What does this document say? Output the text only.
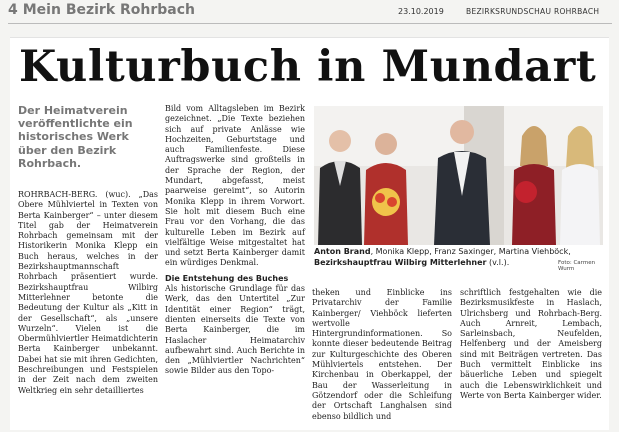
4 Mein Bezirk Rohrbach	23.10.2019	BEZIRKSRUNDSCHAU ROHRBACH
Kulturbuch in Mundart
Der Heimatverein veröffentlichte ein historisches Werk über den Bezirk Rohrbach.

ROHRBACH-BERG. (wuc). „Das Obere Mühlviertel in Texten von Berta Kainberger“ – unter diesem Titel gab der Heimatverein Rohrbach gemeinsam mit der Historikerin Monika Klepp ein Buch heraus, welches in der Bezirkshauptmannschaft Rohrbach präsentiert wurde. Bezirkshauptfrau Wilbirg Mitterlehner betonte die Bedeutung der Kultur als „Kitt in der Gesellschaft“, als „unsere Wurzeln“. Vielen ist die Obermühlviertler Heimatdichterin Berta Kainberger unbekannt. Dabei hat sie mit ihren Gedichten, Beschreibungen und Festspielen in der Zeit nach dem zweiten Weltkrieg ein sehr detailliertes

Bild vom Alltagsleben im Bezirk gezeichnet. „Die Texte beziehen sich auf private Anlässe wie Hochzeiten, Geburtstage und auch Familienfeste. Diese Auftragswerke sind großteils in der Sprache der Region, der Mundart, abgefasst, meist paarweise gereimt“, so Autorin Monika Klepp in ihrem Vorwort. Sie holt mit diesem Buch eine Frau vor den Vorhang, die das kulturelle Leben im Bezirk auf vielfältige Weise mitgestaltet hat und setzt Berta Kainberger damit ein würdiges Denkmal.

Die Entstehung des Buches

Als historische Grundlage für das Werk, das den Untertitel „Zur Identität einer Region“ trägt, dienten einerseits die Texte von Berta Kainberger, die im Haslacher Heimatarchiv aufbewahrt sind. Auch Berichte in den „Mühlviertler Nachrichten“ sowie Bilder aus den Topo-

Anton Brand, Monika Klepp, Franz Saxinger, Martina Viehböck,
Bezirkshauptfrau Wilbirg Mitterlehner (v.l.).	Foto: Carmen Wurm

theken und Einblicke ins Privatarchiv der Familie Kainberger/ Viehböck lieferten wertvolle Hintergrundinformationen. So konnte dieser bedeutende Beitrag zur Kulturgeschichte des Oberen Mühlviertels entstehen. Der Kirchenbau in Oberkappel, der Bau der Wasserleitung in Götzendorf oder die Schleifung der Ortschaft Langhalsen sind ebenso bildlich und

schriftlich festgehalten wie die Bezirksmusikfeste in Haslach, Ulrichsberg und Rohrbach-Berg. Auch Arnreit, Lembach, Sarleinsbach, Neufelden, Helfenberg und der Ameisberg sind mit Beiträgen vertreten. Das Buch vermittelt Einblicke ins bäuerliche Leben und spiegelt auch die Lebenswirklichkeit und Werte von Berta Kainberger wider.
